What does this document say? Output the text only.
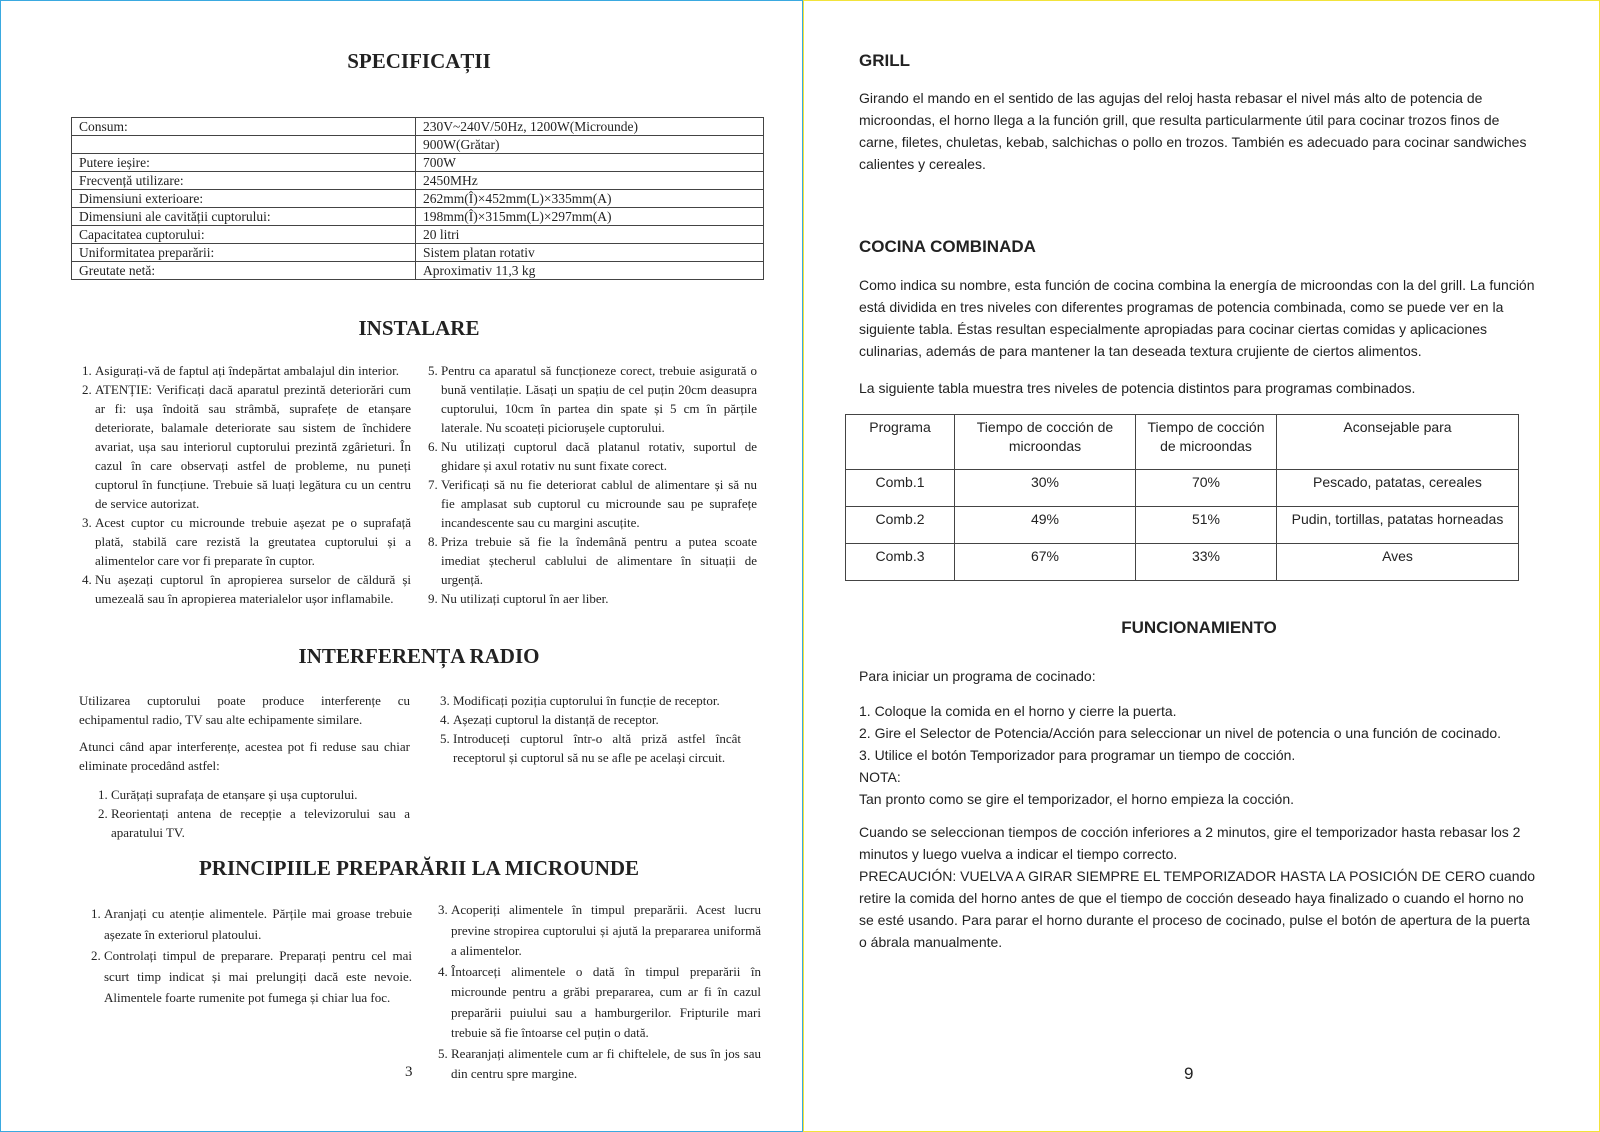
SPECIFICAȚII
Consum:	230V~240V/50Hz, 1200W(Microunde)
	900W(Grătar)
Putere ieșire:	700W
Frecvență utilizare:	2450MHz
Dimensiuni exterioare:	262mm(Î)×452mm(L)×335mm(A)
Dimensiuni ale cavității cuptorului:	198mm(Î)×315mm(L)×297mm(A)
Capacitatea cuptorului:	20 litri
Uniformitatea preparării:	Sistem platan rotativ
Greutate netă:	Aproximativ 11,3 kg
INSTALARE
1. Asigurați-vă de faptul ați îndepărtat ambalajul din interior.
2. ATENȚIE: Verificați dacă aparatul prezintă deteriorări cum ar fi: ușa îndoită sau strâmbă, suprafețe de etanșare deteriorate, balamale deteriorate sau sistem de închidere avariat, ușa sau interiorul cuptorului prezintă zgârieturi. În cazul în care observați astfel de probleme, nu puneți cuptorul în funcțiune. Trebuie să luați legătura cu un centru de service autorizat.
3. Acest cuptor cu microunde trebuie așezat pe o suprafață plată, stabilă care rezistă la greutatea cuptorului și a alimentelor care vor fi preparate în cuptor.
4. Nu așezați cuptorul în apropierea surselor de căldură și umezeală sau în apropierea materialelor ușor inflamabile.
5. Pentru ca aparatul să funcționeze corect, trebuie asigurată o bună ventilație. Lăsați un spațiu de cel puțin 20cm deasupra cuptorului, 10cm în partea din spate și 5 cm în părțile laterale. Nu scoateți piciorușele cuptorului.
6. Nu utilizați cuptorul dacă platanul rotativ, suportul de ghidare și axul rotativ nu sunt fixate corect.
7. Verificați să nu fie deteriorat cablul de alimentare și să nu fie amplasat sub cuptorul cu microunde sau pe suprafețe incandescente sau cu margini ascuțite.
8. Priza trebuie să fie la îndemână pentru a putea scoate imediat ștecherul cablului de alimentare în situații de urgență.
9. Nu utilizați cuptorul în aer liber.
INTERFERENȚA RADIO
Utilizarea cuptorului poate produce interferențe cu echipamentul radio, TV sau alte echipamente similare.
Atunci când apar interferențe, acestea pot fi reduse sau chiar eliminate procedând astfel:
1. Curățați suprafața de etanșare și ușa cuptorului.
2. Reorientați antena de recepție a televizorului sau a aparatului TV.
3. Modificați poziția cuptorului în funcție de receptor.
4. Așezați cuptorul la distanță de receptor.
5. Introduceți cuptorul într-o altă priză astfel încât receptorul și cuptorul să nu se afle pe același circuit.
PRINCIPIILE PREPARĂRII LA MICROUNDE
1. Aranjați cu atenție alimentele. Părțile mai groase trebuie așezate în exteriorul platoului.
2. Controlați timpul de preparare. Preparați pentru cel mai scurt timp indicat și mai prelungiți dacă este nevoie. Alimentele foarte rumenite pot fumega și chiar lua foc.
3. Acoperiți alimentele în timpul preparării. Acest lucru previne stropirea cuptorului și ajută la prepararea uniformă a alimentelor.
4. Întoarceți alimentele o dată în timpul preparării în microunde pentru a grăbi prepararea, cum ar fi în cazul preparării puiului sau a hamburgerilor. Fripturile mari trebuie să fie întoarse cel puțin o dată.
5. Rearanjați alimentele cum ar fi chiftelele, de sus în jos sau din centru spre margine.
3
GRILL
Girando el mando en el sentido de las agujas del reloj hasta rebasar el nivel más alto de potencia de microondas, el horno llega a la función grill, que resulta particularmente útil para cocinar trozos finos de carne, filetes, chuletas, kebab, salchichas o pollo en trozos. También es adecuado para cocinar sandwiches calientes y cereales.
COCINA COMBINADA
Como indica su nombre, esta función de cocina combina la energía de microondas con la del grill. La función está dividida en tres niveles con diferentes programas de potencia combinada, como se puede ver en la siguiente tabla. Éstas resultan especialmente apropiadas para cocinar ciertas comidas y aplicaciones culinarias, además de para mantener la tan deseada textura crujiente de ciertos alimentos.
La siguiente tabla muestra tres niveles de potencia distintos para programas combinados.
Programa	Tiempo de cocción de microondas	Tiempo de cocción de microondas	Aconsejable para
Comb.1	30%	70%	Pescado, patatas, cereales
Comb.2	49%	51%	Pudin, tortillas, patatas horneadas
Comb.3	67%	33%	Aves
FUNCIONAMIENTO
Para iniciar un programa de cocinado:
1. Coloque la comida en el horno y cierre la puerta.
2. Gire el Selector de Potencia/Acción para seleccionar un nivel de potencia o una función de cocinado.
3. Utilice el botón Temporizador para programar un tiempo de cocción.
NOTA:
Tan pronto como se gire el temporizador, el horno empieza la cocción.
Cuando se seleccionan tiempos de cocción inferiores a 2 minutos, gire el temporizador hasta rebasar los 2 minutos y luego vuelva a indicar el tiempo correcto.
PRECAUCIÓN: VUELVA A GIRAR SIEMPRE EL TEMPORIZADOR HASTA LA POSICIÓN DE CERO cuando retire la comida del horno antes de que el tiempo de cocción deseado haya finalizado o cuando el horno no se esté usando. Para parar el horno durante el proceso de cocinado, pulse el botón de apertura de la puerta o ábrala manualmente.
9
